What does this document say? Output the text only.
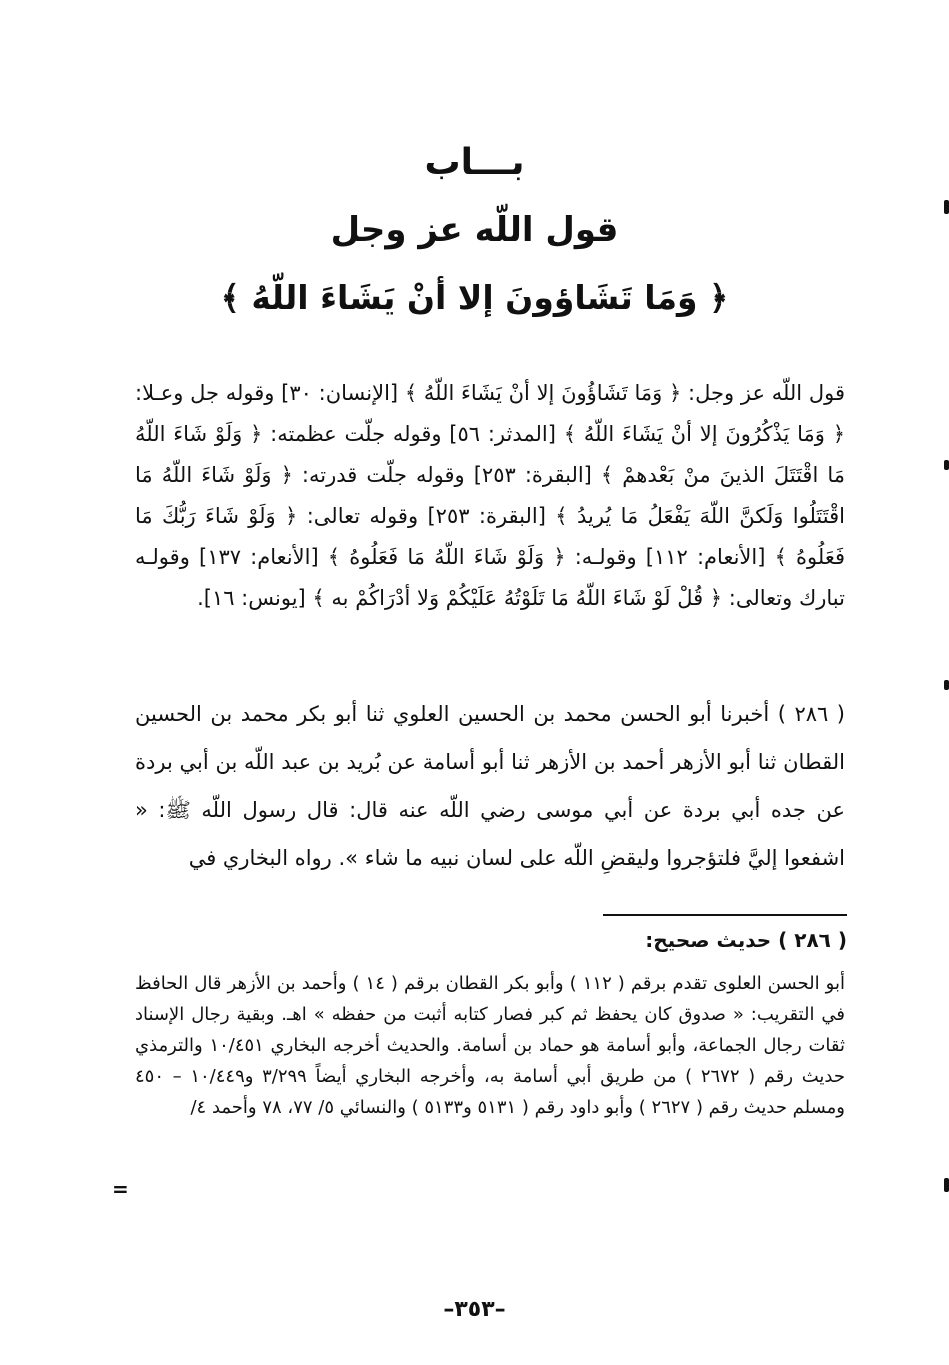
بـــاب
قول اللّه عز وجل
﴿ وَمَا تَشَاؤونَ إلا أنْ يَشَاءَ اللّهُ ﴾

قول اللّه عز وجل: ﴿ وَمَا تَشَاؤُونَ إلا أنْ يَشَاءَ اللّهُ ﴾ [الإنسان: ٣٠] وقوله جل وعـلا: ﴿ وَمَا يَذْكُرُونَ إلا أنْ يَشَاءَ اللّهُ ﴾ [المدثر: ٥٦] وقوله جلّت عظمته: ﴿ وَلَوْ شَاءَ اللّهُ مَا اقْتَتَلَ الذينَ منْ بَعْدهمْ ﴾ [البقرة: ٢٥٣] وقوله جلّت قدرته: ﴿ وَلَوْ شَاءَ اللّهُ مَا اقْتَتَلُوا وَلَكنَّ اللّهَ يَفْعَلُ مَا يُريدُ ﴾ [البقرة: ٢٥٣] وقوله تعالى: ﴿ وَلَوْ شَاءَ رَبُّكَ مَا فَعَلُوهُ ﴾ [الأنعام: ١١٢] وقولـه: ﴿ وَلَوْ شَاءَ اللّهُ مَا فَعَلُوهُ ﴾ [الأنعام: ١٣٧] وقولـه تبارك وتعالى: ﴿ قُلْ لَوْ شَاءَ اللّهُ مَا تَلَوْتُهُ عَلَيْكُمْ وَلا أدْرَاكُمْ به ﴾ [يونس: ١٦].

( ٢٨٦ ) أخبرنا أبو الحسن محمد بن الحسين العلوي ثنا أبو بكر محمد بن الحسين القطان ثنا أبو الأزهر أحمد بن الأزهر ثنا أبو أسامة عن بُريد بن عبد اللّه بن أبي بردة عن جده أبي بردة عن أبي موسى رضي اللّه عنه قال: قال رسول اللّه ﷺ: « اشفعوا إليَّ فلتؤجروا وليقضِ اللّه على لسان نبيه ما شاء ». رواه البخاري في

( ٢٨٦ ) حديث صحيح:

أبو الحسن العلوى تقدم برقم ( ١١٢ ) وأبو بكر القطان برقم ( ١٤ ) وأحمد بن الأزهر قال الحافظ في التقريب: « صدوق كان يحفظ ثم كبر فصار كتابه أثبت من حفظه » اهـ. وبقية رجال الإسناد ثقات رجال الجماعة، وأبو أسامة هو حماد بن أسامة. والحديث أخرجه البخاري ١٠/٤٥١ والترمذي حديث رقم ( ٢٦٧٢ ) من طريق أبي أسامة به، وأخرجه البخاري أيضاً ٣/٢٩٩ و١٠/٤٤٩ – ٤٥٠ ومسلم حديث رقم ( ٢٦٢٧ ) وأبو داود رقم ( ٥١٣١ و٥١٣٣ ) والنسائي ٥/ ٧٧، ٧٨ وأحمد ٤/

=
–٣٥٣–
